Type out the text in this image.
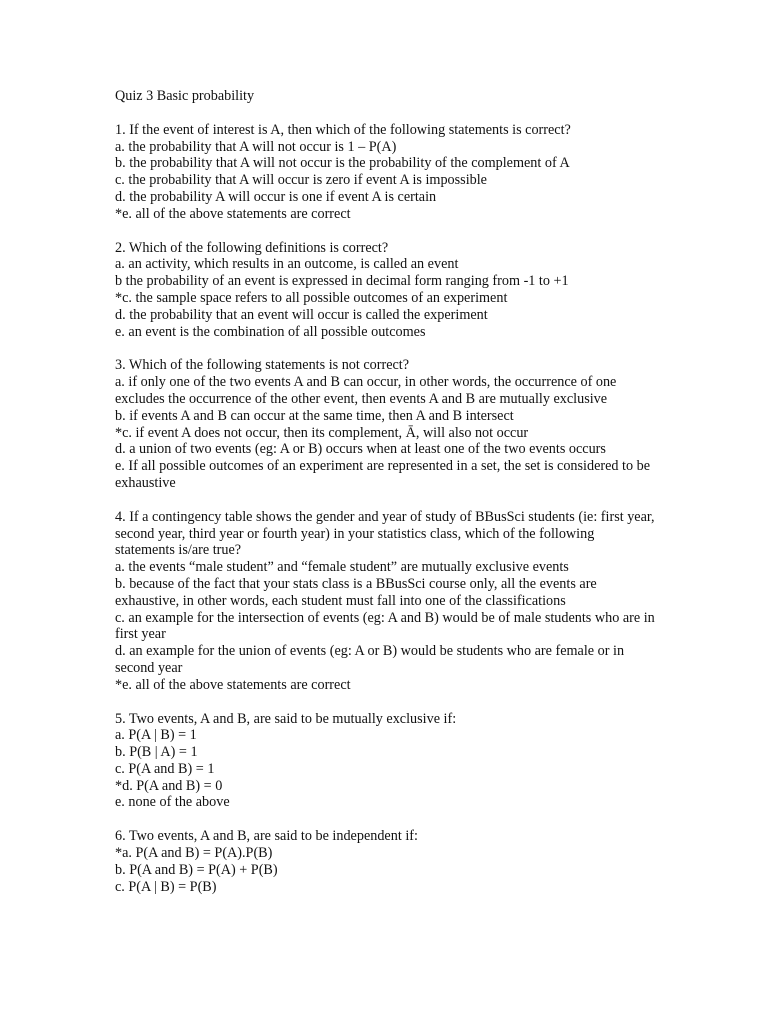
Quiz 3 Basic probability

1. If the event of interest is A, then which of the following statements is correct?

a. the probability that A will not occur is 1 – P(A)

b. the probability that A will not occur is the probability of the complement of A

c. the probability that A will occur is zero if event A is impossible

d. the probability A will occur is one if event A is certain

*e. all of the above statements are correct

2. Which of the following definitions is correct?

a. an activity, which results in an outcome, is called an event

b the probability of an event is expressed in decimal form ranging from -1 to +1

*c. the sample space refers to all possible outcomes of an experiment

d. the probability that an event will occur is called the experiment

e. an event is the combination of all possible outcomes

3. Which of the following statements is not correct?

a. if only one of the two events A and B can occur, in other words, the occurrence of one excludes the occurrence of the other event, then events A and B are mutually exclusive

b. if events A and B can occur at the same time, then A and B intersect

*c. if event A does not occur, then its complement, Ā, will also not occur

d. a union of two events (eg: A or B) occurs when at least one of the two events occurs

e. If all possible outcomes of an experiment are represented in a set, the set is considered to be exhaustive

4. If a contingency table shows the gender and year of study of BBusSci students (ie: first year, second year, third year or fourth year) in your statistics class, which of the following statements is/are true?

a. the events “male student” and “female student” are mutually exclusive events

b. because of the fact that your stats class is a BBusSci course only, all the events are exhaustive, in other words, each student must fall into one of the classifications

c. an example for the intersection of events (eg: A and B) would be of male students who are in first year

d. an example for the union of events (eg: A or B) would be students who are female or in second year

*e. all of the above statements are correct

5. Two events, A and B, are said to be mutually exclusive if:

a. P(A | B) = 1

b. P(B | A) = 1

c. P(A and B) = 1

*d. P(A and B) = 0

e. none of the above

6. Two events, A and B, are said to be independent if:

*a. P(A and B) = P(A).P(B)

b. P(A and B) = P(A) + P(B)

c. P(A | B) = P(B)
